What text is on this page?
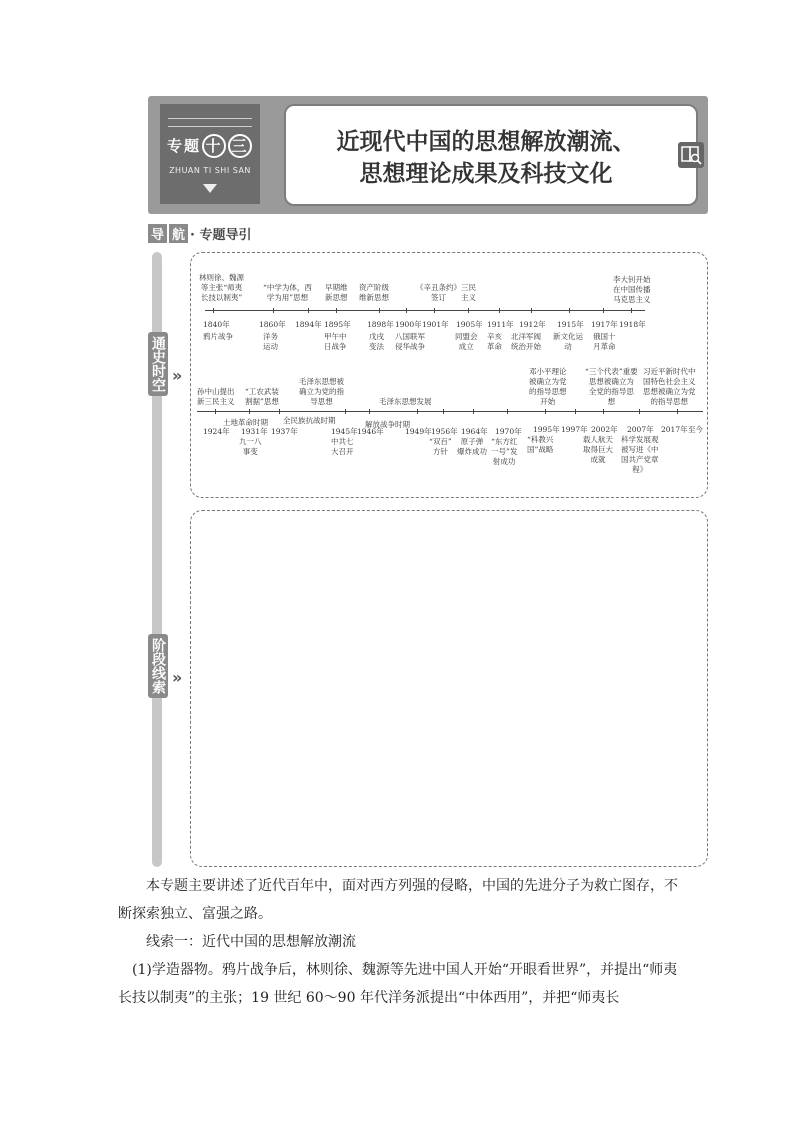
专题 十 三
ZHUAN TI SHI SAN
近现代中国的思想解放潮流、
思想理论成果及科技文化
导 航 · 专题导引
通史时空 »
阶段线索 »
林则徐、魏源
等主张“师夷
长技以制夷”
“中学为体，西
学为用”思想
早期维
新思想
资产阶级
维新思想
《辛丑条约》
签订
三民
主义
李大钊开始
在中国传播
马克思主义
1840年	1860年 1894年 1895年 1898年 1900年 1901年 1905年 1911年 1912年 1915年 1917年 1918年
鸦片战争	洋务
运动
甲午中
日战争
戊戌
变法
八国联军
侵华战争
同盟会
成立
辛亥
革命
北洋军阀
统治开始
新文化运
动
俄国十
月革命
孙中山提出
新三民主义
“工农武装
割据”思想
毛泽东思想被
确立为党的指
导思想	毛泽东思想发展
邓小平理论
被确立为党
的指导思想
开始
“三个代表”重要
思想被确立为
全党的指导思
想
习近平新时代中
国特色社会主义
思想被确立为党
的指导思想
土地革命时期 全民族抗战时期	解放战争时期
1924年 1931年 1937年	1945年 1946年	1949年 1956年 1964年 1970年 1995年 1997年 2002年 2007年 2017年 至今
九一八
事变
中共七
大召开
“双百”
方针
原子弹
爆炸成功
“东方红
一号”发
射成功
“科教兴
国”战略
载人航天
取得巨大
成就
科学发展观
被写进《中
国共产党章
程》
本专题主要讲述了近代百年中，面对西方列强的侵略，中国的先进分子为救亡图存，不断探索独立、富强之路。
线索一：近代中国的思想解放潮流
(1)学造器物。鸦片战争后，林则徐、魏源等先进中国人开始“开眼看世界”，并提出“师夷长技以制夷”的主张；19 世纪 60～90 年代洋务派提出“中体西用”，并把“师夷长
